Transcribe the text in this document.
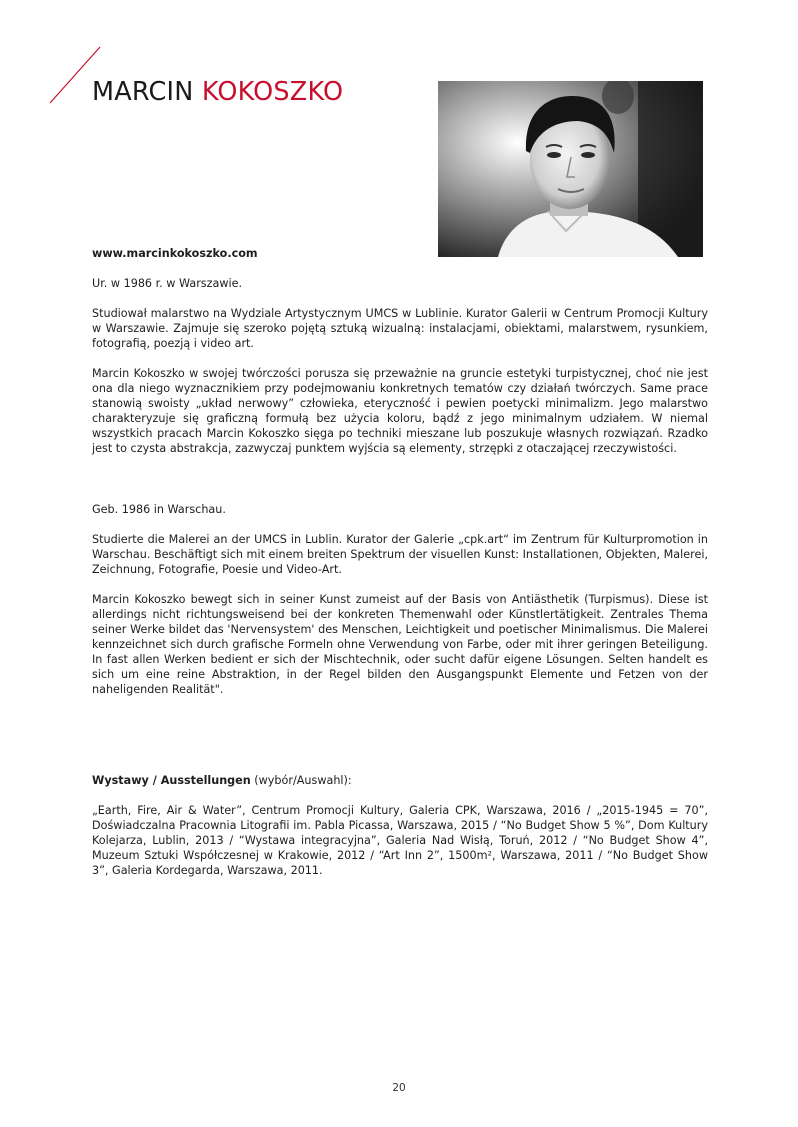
MARCIN KOKOSZKO

www.marcinkokoszko.com

Ur. w 1986 r. w Warszawie.

Studiował malarstwo na Wydziale Artystycznym UMCS w Lublinie. Kurator Galerii w Centrum Promocji Kultury w Warszawie. Zajmuje się szeroko pojętą sztuką wizualną: instalacjami, obiektami, malarstwem, rysunkiem, fotografią, poezją i video art.

Marcin Kokoszko w swojej twórczości porusza się przeważnie na gruncie estetyki turpistycznej, choć nie jest ona dla niego wyznacznikiem przy podejmowaniu konkretnych tematów czy działań twórczych. Same prace stanowią swoisty „układ nerwowy” człowieka, eteryczność i pewien poetycki minimalizm. Jego malarstwo charakteryzuje się graficzną formułą bez użycia koloru, bądź z jego minimalnym udziałem. W niemal wszystkich pracach Marcin Kokoszko sięga po techniki mieszane lub poszukuje własnych rozwiązań. Rzadko jest to czysta abstrakcja, zazwyczaj punktem wyjścia są elementy, strzępki z otaczającej rzeczywistości.

Geb. 1986 in Warschau.

Studierte die Malerei an der UMCS in Lublin. Kurator der Galerie „cpk.art“ im Zentrum für Kulturpromotion in Warschau. Beschäftigt sich mit einem breiten Spektrum der visuellen Kunst: Installationen, Objekten, Malerei, Zeichnung, Fotografie, Poesie und Video-Art.

Marcin Kokoszko bewegt sich in seiner Kunst zumeist auf der Basis von Antiästhetik (Turpismus). Diese ist allerdings nicht richtungsweisend bei der konkreten Themenwahl oder Künstlertätigkeit. Zentrales Thema seiner Werke bildet das 'Nervensystem' des Menschen, Leichtigkeit und poetischer Minimalismus. Die Malerei kennzeichnet sich durch grafische Formeln ohne Verwendung von Farbe, oder mit ihrer geringen Beteiligung. In fast allen Werken bedient er sich der Mischtechnik, oder sucht dafür eigene Lösungen. Selten handelt es sich um eine reine Abstraktion, in der Regel bilden den Ausgangspunkt Elemente und Fetzen von der naheligenden Realität".

Wystawy / Ausstellungen (wybór/Auswahl):

„Earth, Fire, Air & Water”, Centrum Promocji Kultury, Galeria CPK, Warszawa, 2016 / „2015-1945 = 70”, Doświadczalna Pracownia Litografii im. Pabla Picassa, Warszawa, 2015 / “No Budget Show 5 %”, Dom Kultury Kolejarza, Lublin, 2013 / “Wystawa integracyjna”, Galeria Nad Wisłą, Toruń, 2012 / “No Budget Show 4”, Muzeum Sztuki Współczesnej w Krakowie, 2012 / “Art Inn 2”, 1500m², Warszawa, 2011 / “No Budget Show 3”, Galeria Kordegarda, Warszawa, 2011.

20
